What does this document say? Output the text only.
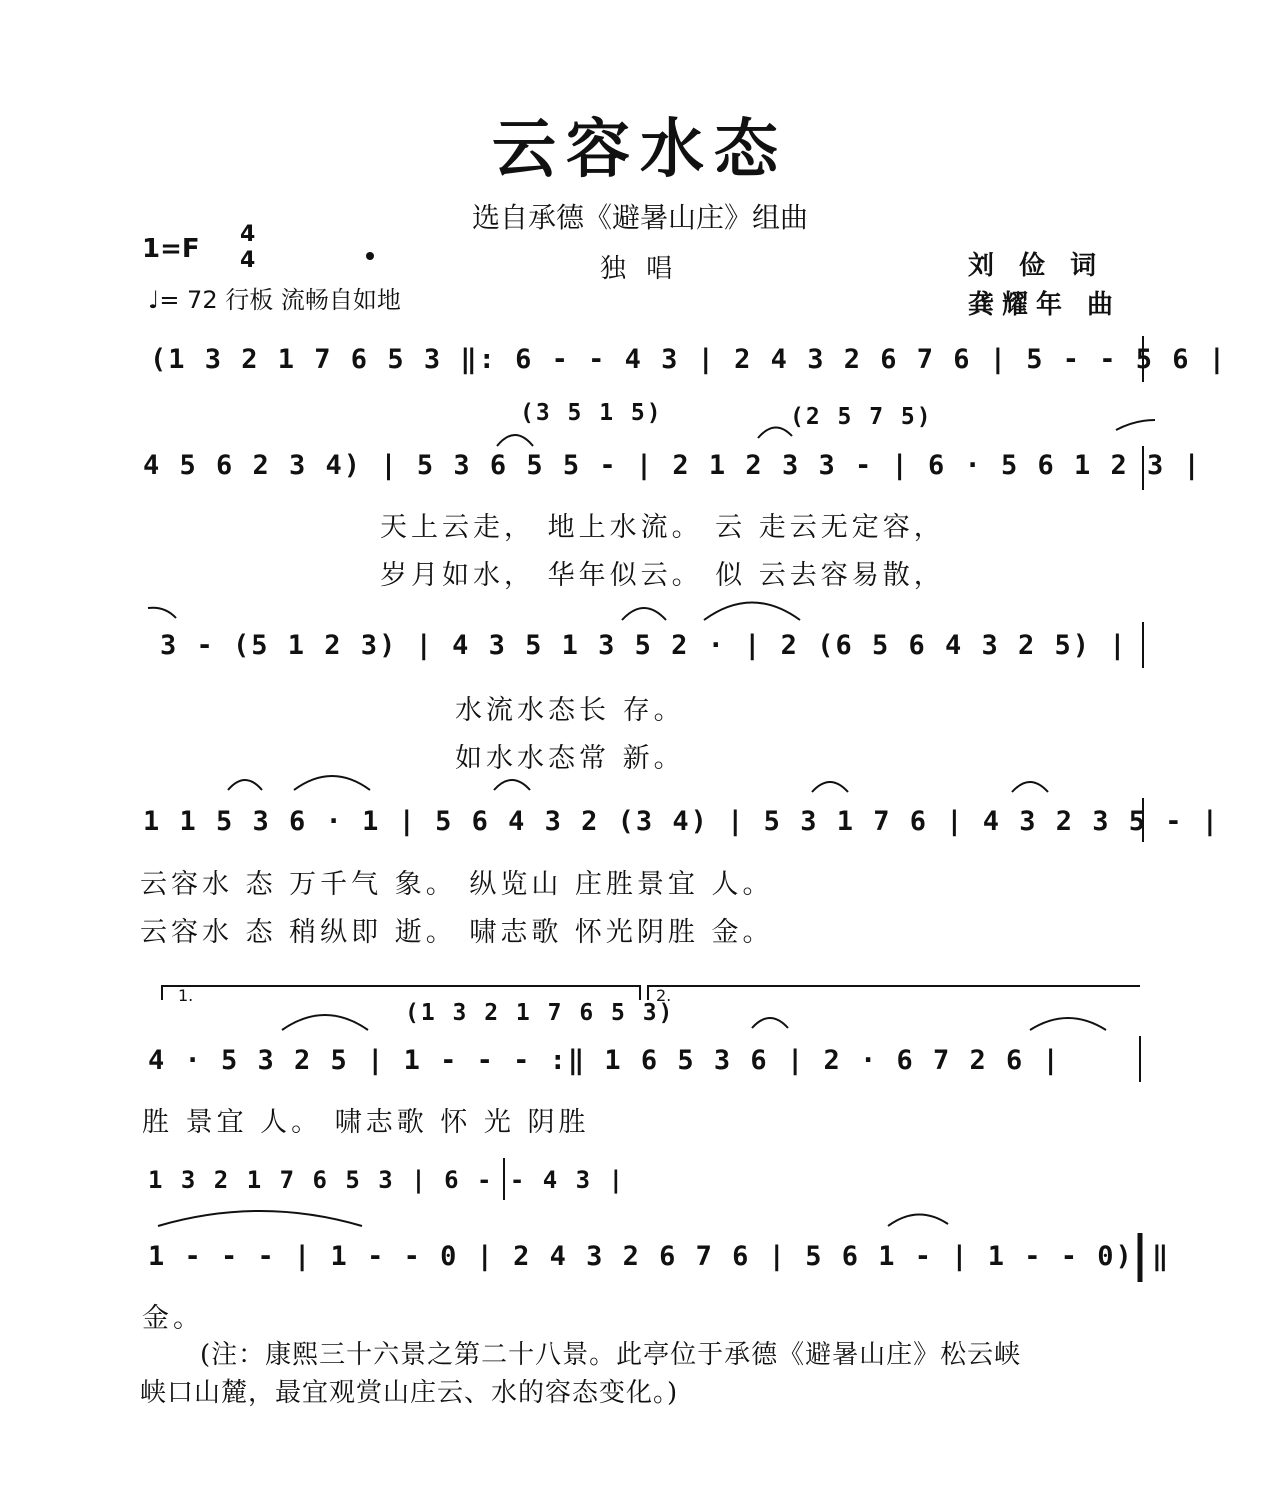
云容水态
选自承德《避暑山庄》组曲
1=F 4
4	独 唱
♩= 72 行板 流畅自如地
刘 俭 词
龚耀年 曲
(1 3 2 1 7 6 5 3 ‖: 6 - - 4 3 | 2 4 3 2 6 7 6 | 5 - - 5 6 |
(3 5 1 5)	(2 5 7 5)
4 5 6 2 3 4) | 5 3 6 5 5 - | 2 1 2 3 3 - | 6 · 5 6 1 2 3 |
天上云走， 地上水流。 云 走云无定容，
岁月如水， 华年似云。 似 云去容易散，
3 - (5 1 2 3) | 4 3 5 1 3 5 2 · | 2 (6 5 6 4 3 2 5) |
水流水态长 存。
如水水态常 新。
1 1 5 3 6 · 1 | 5 6 4 3 2 (3 4) | 5 3 1 7 6 | 4 3 2 3 5 - |
云容水 态 万千气 象。 纵览山 庄胜景宜 人。
云容水 态 稍纵即 逝。 啸志歌 怀光阴胜 金。
1.	2.
(1 3 2 1 7 6 5 3)
4 · 5 3 2 5 | 1 - - - :‖ 1 6 5 3 6 | 2 · 6 7 2 6 |
胜 景宜 人。 啸志歌 怀 光 阴胜
1 3 2 1 7 6 5 3 | 6 - - 4 3 |
1 - - - | 1 - - 0 | 2 4 3 2 6 7 6 | 5 6 1 - | 1 - - 0) ‖
金。
(注：康熙三十六景之第二十八景。此亭位于承德《避暑山庄》松云峡
峡口山麓，最宜观赏山庄云、水的容态变化。)
